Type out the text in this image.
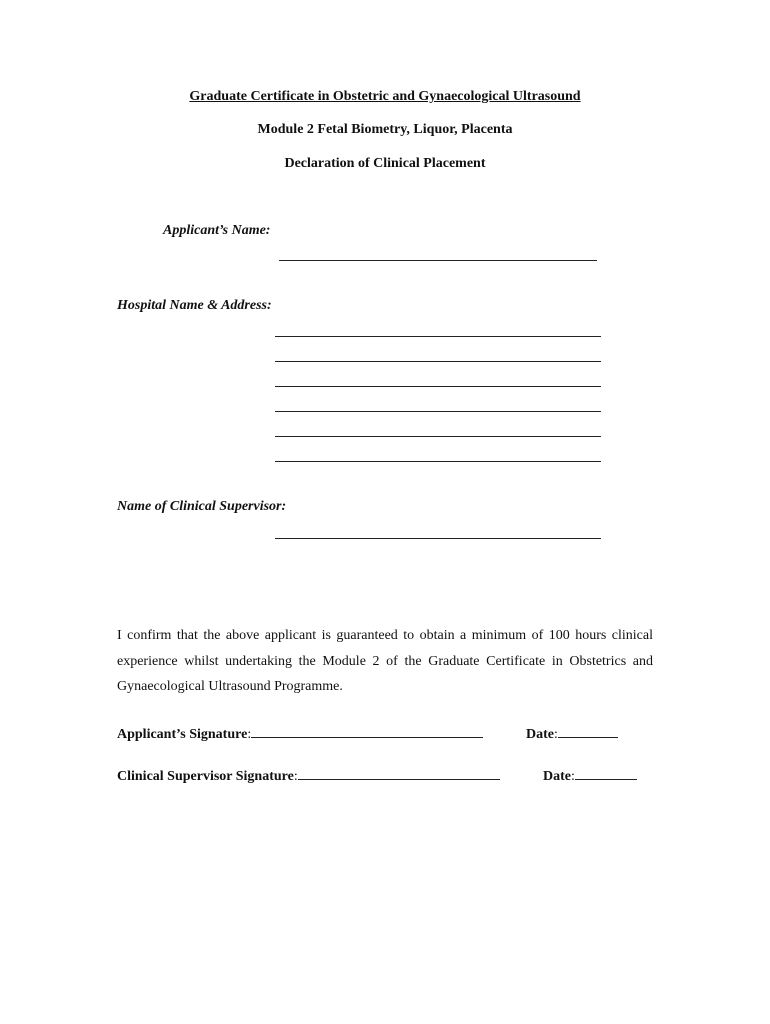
Graduate Certificate in Obstetric and Gynaecological Ultrasound
Module 2 Fetal Biometry, Liquor, Placenta
Declaration of Clinical Placement
Applicant’s Name:
Hospital Name & Address:
Name of Clinical Supervisor:
I confirm that the above applicant is guaranteed to obtain a minimum of 100 hours clinical experience whilst undertaking the Module 2 of the Graduate Certificate in Obstetrics and Gynaecological Ultrasound Programme.
Applicant’s Signature:	Date:
Clinical Supervisor Signature:	Date:
